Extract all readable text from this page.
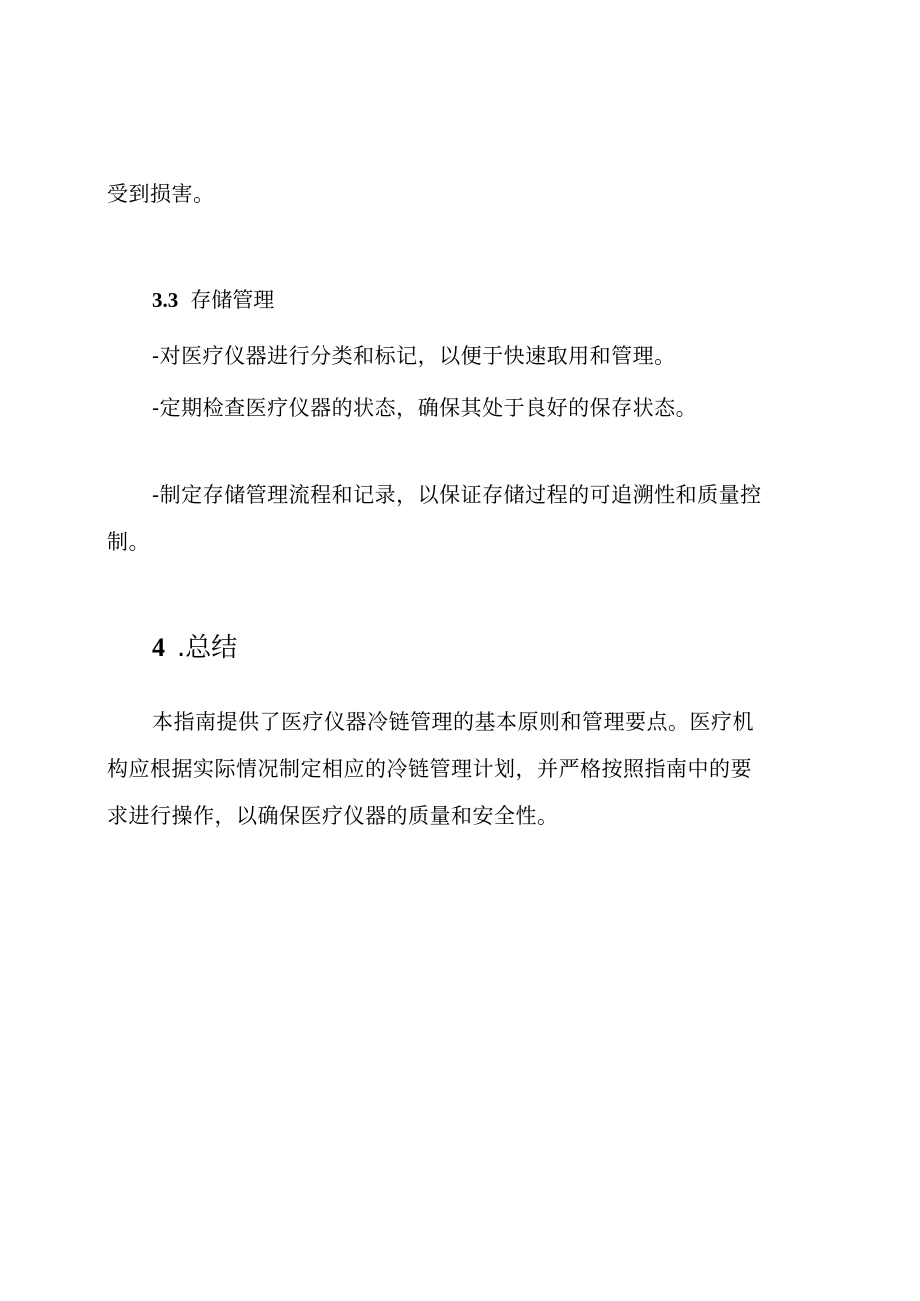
受到损害。
3.3 存储管理
-对医疗仪器进行分类和标记，以便于快速取用和管理。
-定期检查医疗仪器的状态，确保其处于良好的保存状态。
-制定存储管理流程和记录，以保证存储过程的可追溯性和质量控
制。
4 .总结
本指南提供了医疗仪器冷链管理的基本原则和管理要点。医疗机
构应根据实际情况制定相应的冷链管理计划，并严格按照指南中的要
求进行操作，以确保医疗仪器的质量和安全性。
